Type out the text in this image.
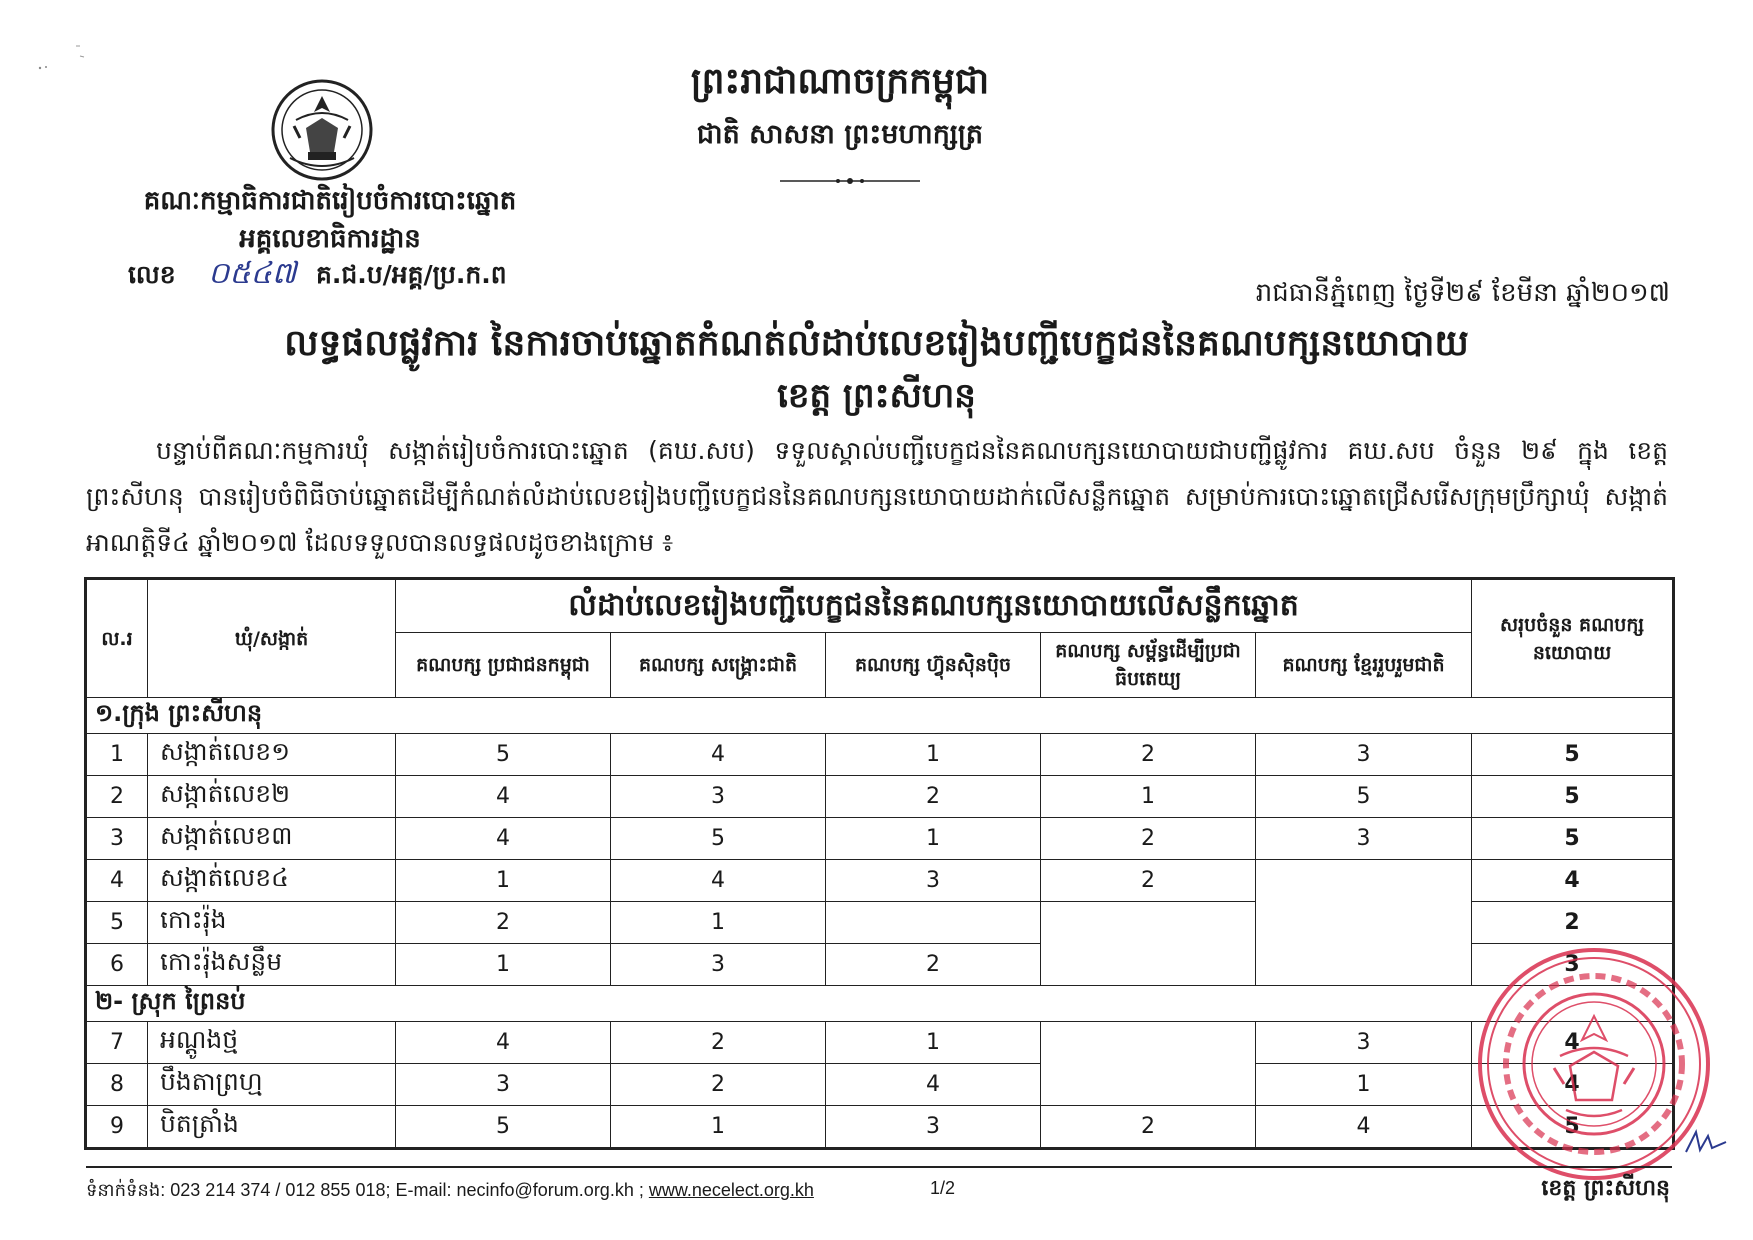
ព្រះរាជាណាចក្រកម្ពុជា
ជាតិ សាសនា ព្រះមហាក្សត្រ
គណៈកម្មាធិការជាតិរៀបចំការបោះឆ្នោត
អគ្គលេខាធិការដ្ឋាន
លេខ ០៥៤៧ គ.ជ.ប/អគ្គ/ប្រ.ក.ព
រាជធានីភ្នំពេញ ថ្ងៃទី២៩ ខែមីនា ឆ្នាំ២០១៧
លទ្ធផលផ្លូវការ នៃការចាប់ឆ្នោតកំណត់លំដាប់លេខរៀងបញ្ជីបេក្ខជននៃគណបក្សនយោបាយ
ខេត្ត ព្រះសីហនុ
បន្ទាប់ពីគណៈកម្មការឃុំ សង្កាត់រៀបចំការបោះឆ្នោត (គឃ.សប) ទទួលស្គាល់បញ្ជីបេក្ខជននៃគណបក្សនយោបាយជាបញ្ជីផ្លូវការ គឃ.សប ចំនួន ២៩ ក្នុង ខេត្ត ព្រះសីហនុ បានរៀបចំពិធីចាប់ឆ្នោតដើម្បីកំណត់លំដាប់លេខរៀងបញ្ជីបេក្ខជននៃគណបក្សនយោបាយដាក់លើសន្លឹកឆ្នោត សម្រាប់ការបោះឆ្នោតជ្រើសរើសក្រុមប្រឹក្សាឃុំ សង្កាត់ អាណត្តិទី៤ ឆ្នាំ២០១៧ ដែលទទួលបានលទ្ធផលដូចខាងក្រោម ៖
ល.រ	ឃុំ/សង្កាត់	លំដាប់លេខរៀងបញ្ជីបេក្ខជននៃគណបក្សនយោបាយលើសន្លឹកឆ្នោត					សរុបចំនួន គណបក្ស នយោបាយ
		គណបក្ស ប្រជាជនកម្ពុជា	គណបក្ស សង្គ្រោះជាតិ	គណបក្ស ហ៊្វុនស៊ិនប៉ិច	គណបក្ស សម្ព័ន្ធដើម្បីប្រជាធិបតេយ្យ	គណបក្ស ខ្មែររួបរួមជាតិ	
១.ក្រុង ព្រះសីហនុ							
1	សង្កាត់លេខ១	5	4	1	2	3	5
2	សង្កាត់លេខ២	4	3	2	1	5	5
3	សង្កាត់លេខ៣	4	5	1	2	3	5
4	សង្កាត់លេខ៤	1	4	3	2		4
5	កោះរ៉ុង	2	1				2
6	កោះរ៉ុងសន្លឹម	1	3	2			3
២- ស្រុក ព្រៃនប់							
7	អណ្ដូងថ្ម	4	2	1		3	4
8	បឹងតាព្រហ្ម	3	2	4		1	4
9	បិតត្រាំង	5	1	3	2	4	5
ទំនាក់ទំនង: 023 214 374 / 012 855 018; E-mail: necinfo@forum.org.kh ; www.necelect.org.kh	1/2	ខេត្ត ព្រះសីហនុ
